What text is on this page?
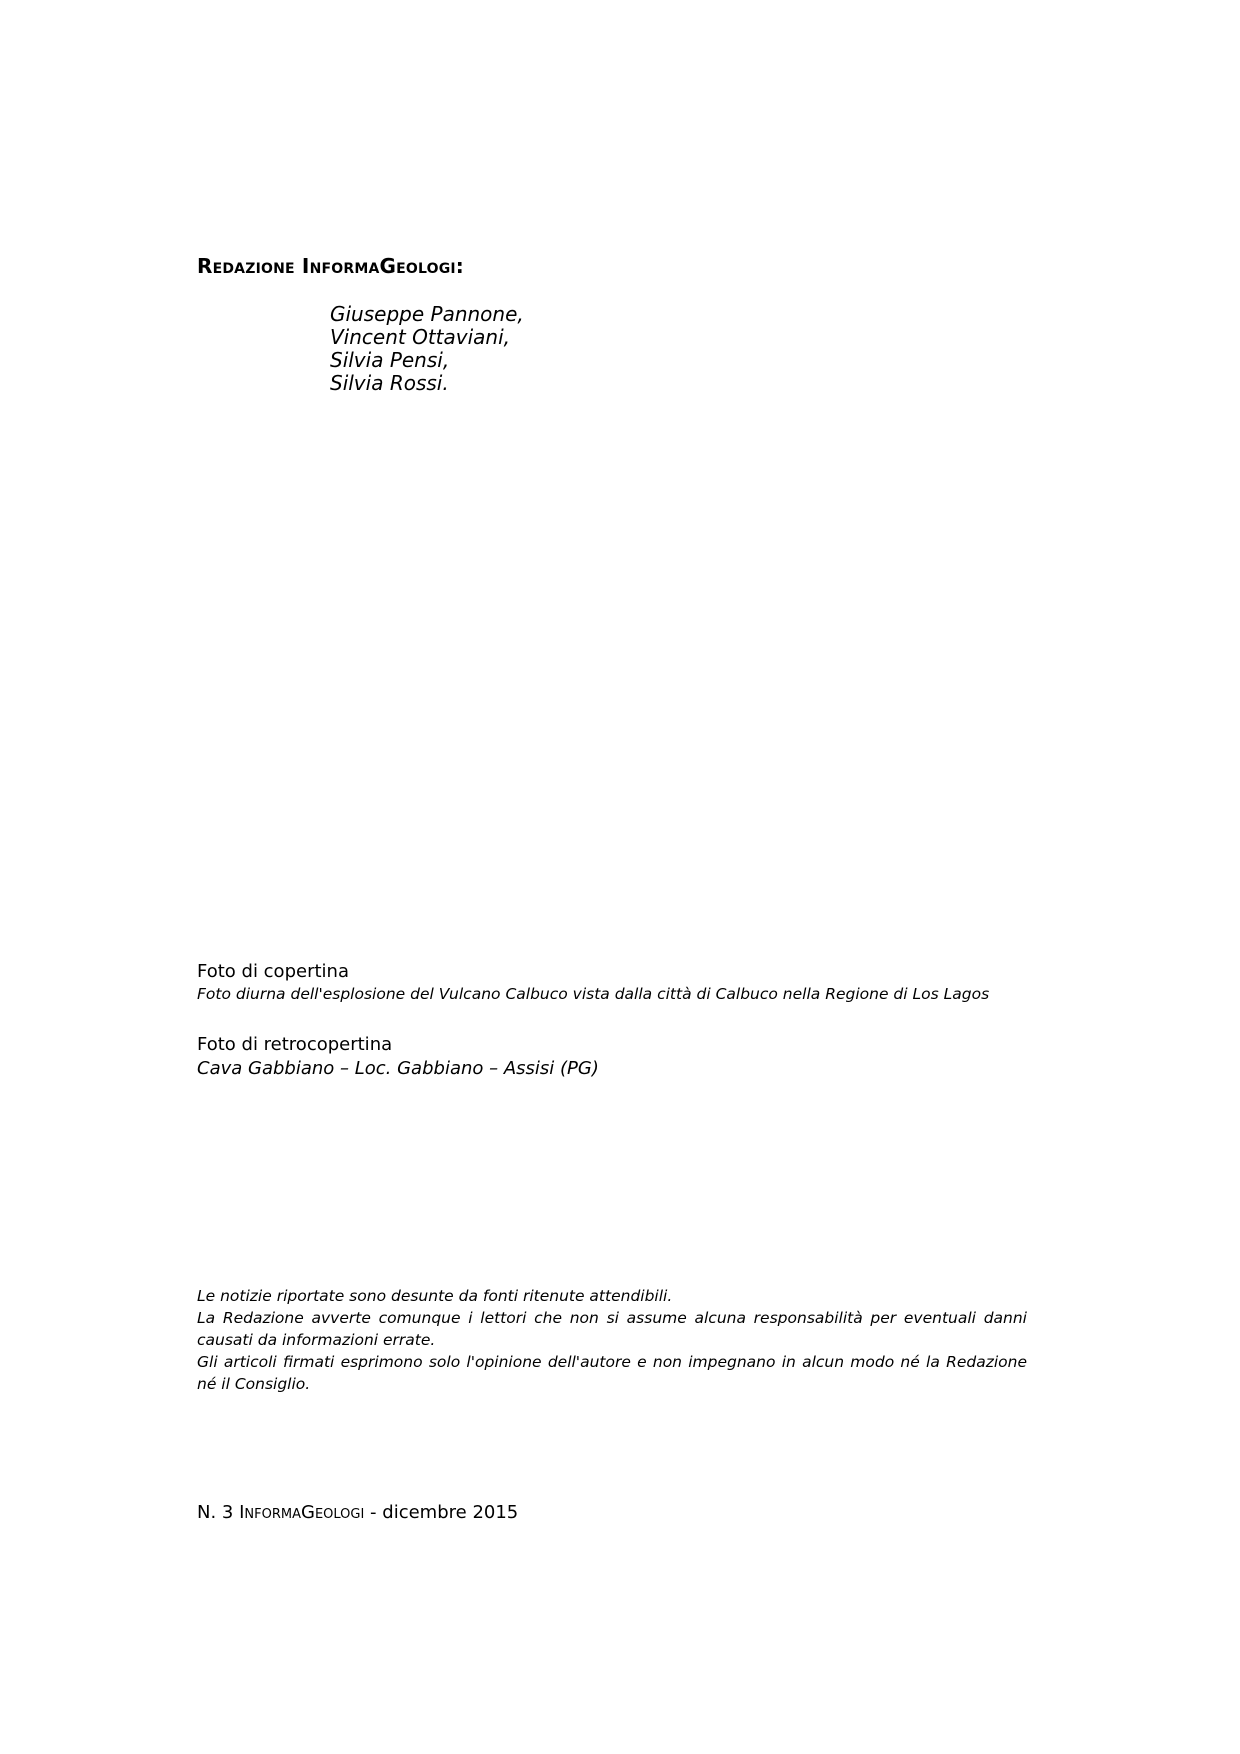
Redazione InformaGeologi:
Giuseppe Pannone,
Vincent Ottaviani,
Silvia Pensi,
Silvia Rossi.
Foto di copertina
Foto diurna dell'esplosione del Vulcano Calbuco vista dalla città di Calbuco nella Regione di Los Lagos
Foto di retrocopertina
Cava Gabbiano – Loc. Gabbiano – Assisi (PG)

Le notizie riportate sono desunte da fonti ritenute attendibili.

La Redazione avverte comunque i lettori che non si assume alcuna responsabilità per eventuali danni causati da informazioni errate.

Gli articoli firmati esprimono solo l'opinione dell'autore e non impegnano in alcun modo né la Redazione né il Consiglio.

N. 3 InformaGeologi - dicembre 2015
